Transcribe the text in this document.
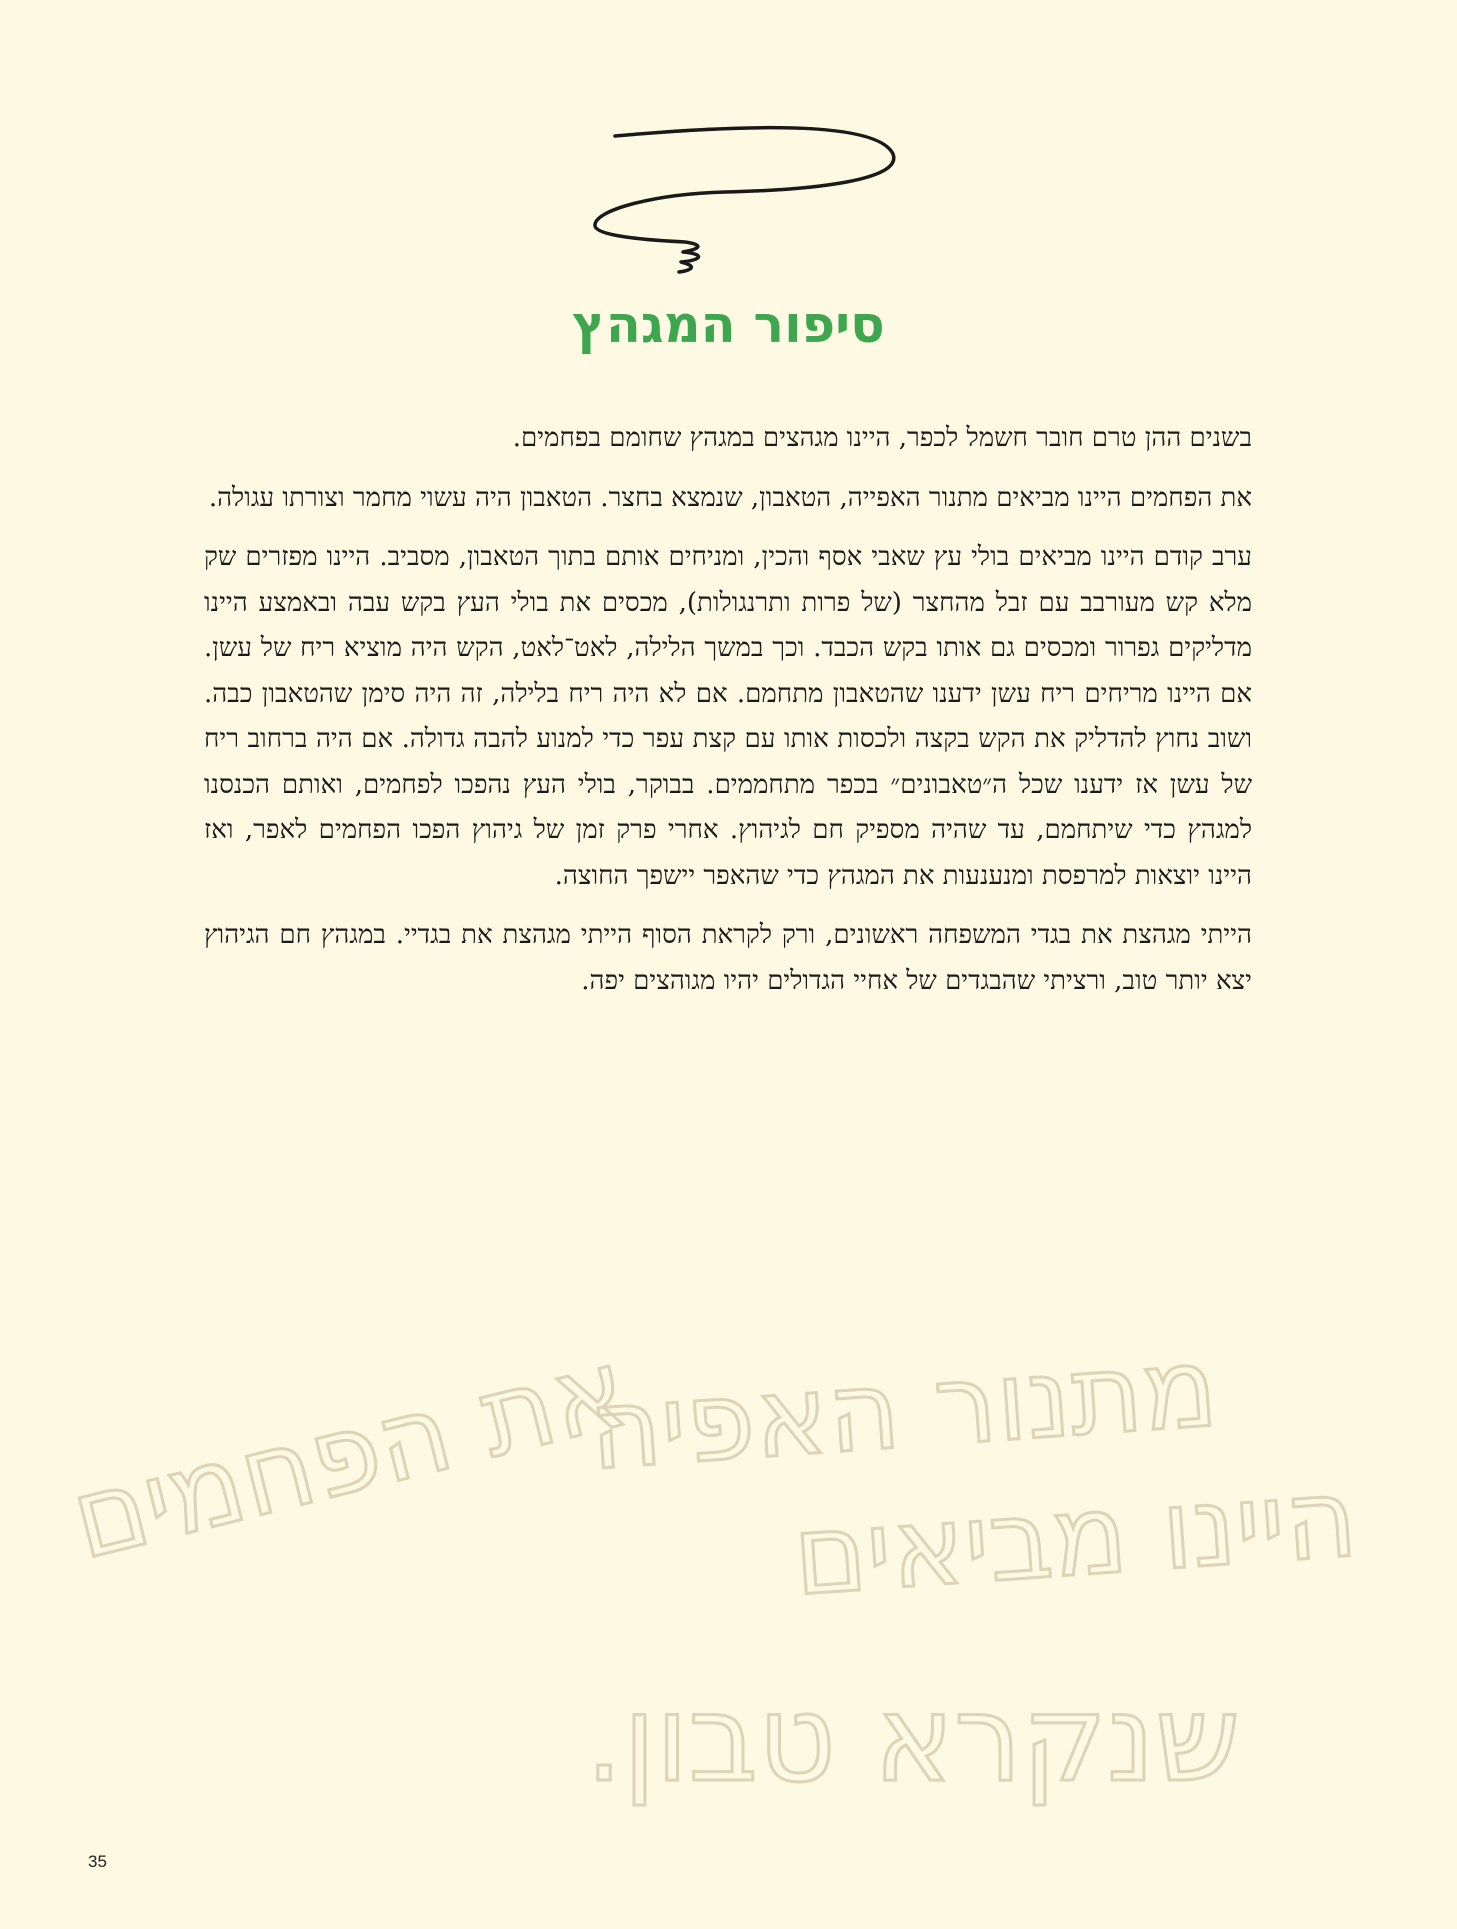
סיפור המגהץ

בשנים ההן טרם חובר חשמל לכפר, היינו מגהצים במגהץ שחומם בפחמים.

את הפחמים היינו מביאים מתנור האפייה, הטאבון, שנמצא בחצר. הטאבון היה עשוי מחמר וצורתו עגולה.

ערב קודם היינו מביאים בולי עץ שאבי אסף והכין, ומניחים אותם בתוך הטאבון, מסביב. היינו מפזרים שק מלא קש מעורבב עם זבל מהחצר (של פרות ותרנגולות), מכסים את בולי העץ בקש עבה ובאמצע היינו מדליקים גפרור ומכסים גם אותו בקש הכבד. וכך במשך הלילה, לאט־לאט, הקש היה מוציא ריח של עשן. אם היינו מריחים ריח עשן ידענו שהטאבון מתחמם. אם לא היה ריח בלילה, זה היה סימן שהטאבון כבה. ושוב נחוץ להדליק את הקש בקצה ולכסות אותו עם קצת עפר כדי למנוע להבה גדולה. אם היה ברחוב ריח של עשן אז ידענו שכל ה״טאבונים״ בכפר מתחממים. בבוקר, בולי העץ נהפכו לפחמים, ואותם הכנסנו למגהץ כדי שיתחמם, עד שהיה מספיק חם לגיהוץ. אחרי פרק זמן של גיהוץ הפכו הפחמים לאפר, ואז היינו יוצאות למרפסת ומנענעות את המגהץ כדי שהאפר יישפך החוצה.

הייתי מגהצת את בגדי המשפחה ראשונים, ורק לקראת הסוף הייתי מגהצת את בגדיי. במגהץ חם הגיהוץ יצא יותר טוב, ורציתי שהבגדים של אחיי הגדולים יהיו מגוהצים יפה.

את הפחמים
מתנור האפיה
היינו מביאים
שנקרא טבון.
35
